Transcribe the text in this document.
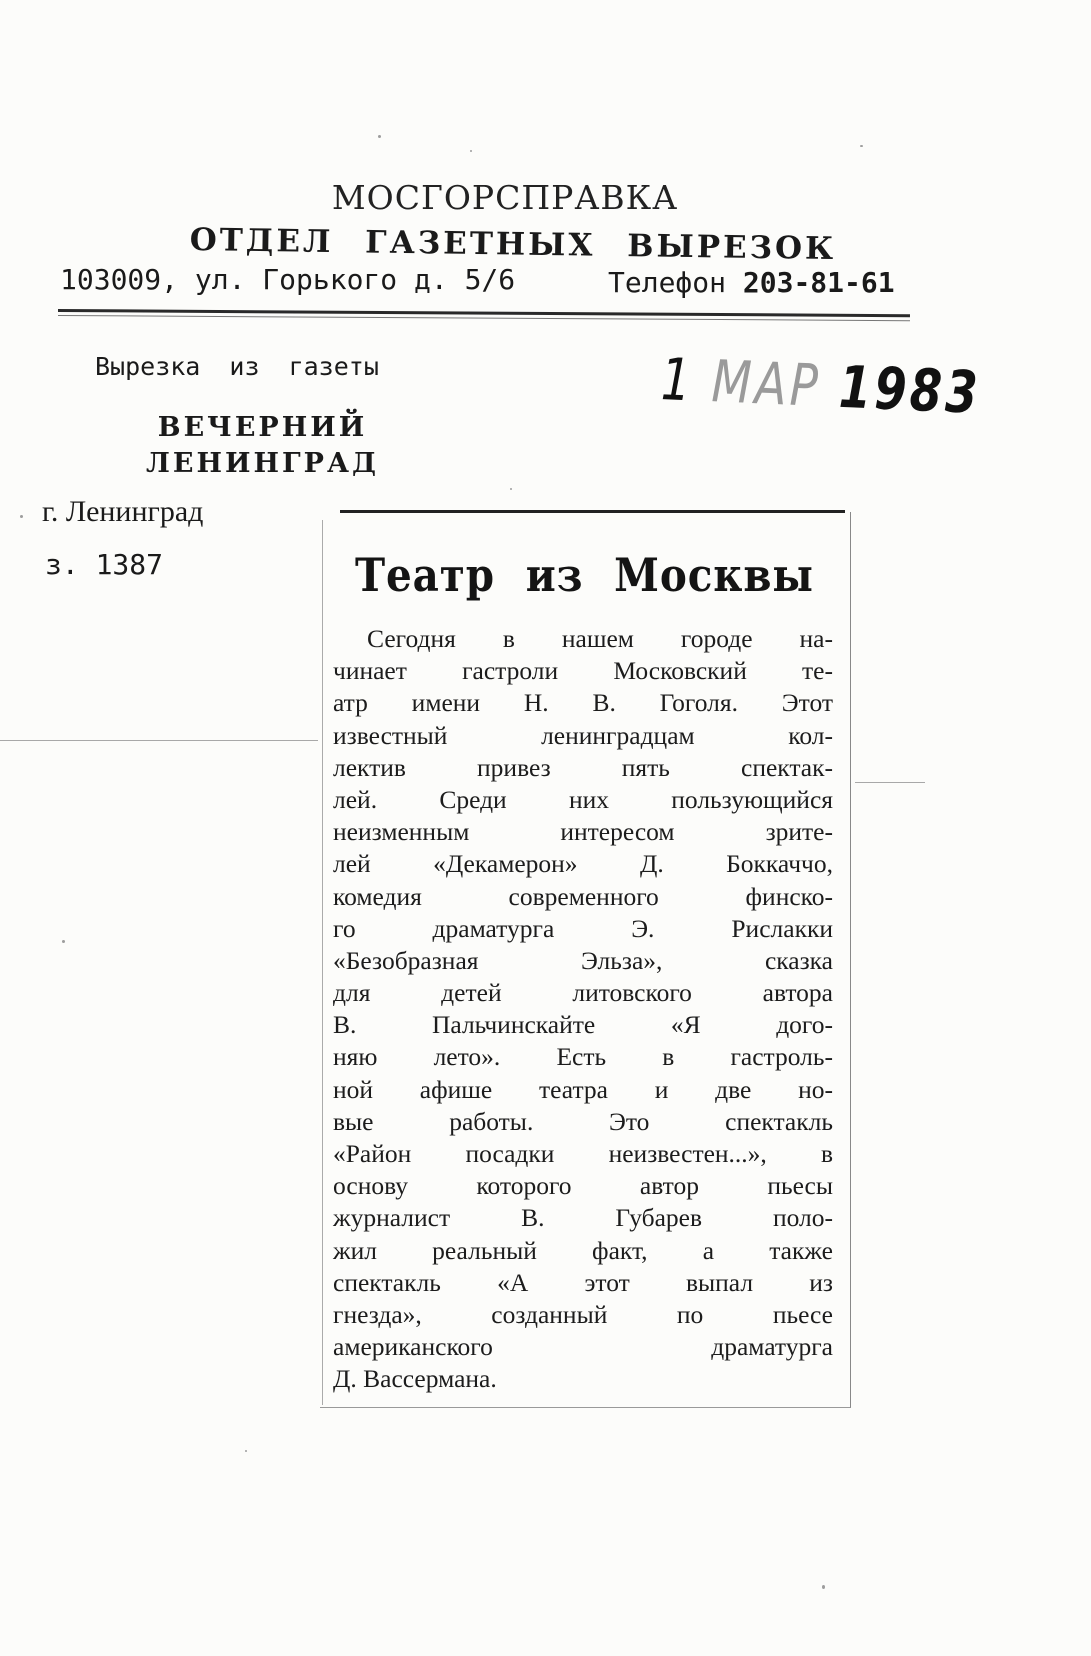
МОСГОРСПРАВКА
ОТДЕЛ ГАЗЕТНЫХ ВЫРЕЗОК
103009, ул. Горького д. 5/6	Телефон 203-81-61
Вырезка из газеты
ВЕЧЕРНИЙ
ЛЕНИНГРАД
г. Ленинград
з. 1387
1 МАР 1983
Театр из Москвы
Сегодня в нашем городе на-
чинает гастроли Московский те-
атр имени Н. В. Гоголя. Этот
известный ленинградцам кол-
лектив привез пять спектак-
лей. Среди них пользующийся
неизменным интересом зрите-
лей «Декамерон» Д. Боккаччо,
комедия современного финско-
го драматурга Э. Рислакки
«Безобразная Эльза», сказка
для детей литовского автора
В. Пальчинскайте «Я дого-
няю лето». Есть в гастроль-
ной афише театра и две но-
вые работы. Это спектакль
«Район посадки неизвестен...», в
основу которого автор пьесы
журналист В. Губарев поло-
жил реальный факт, а также
спектакль «А этот выпал из
гнезда», созданный по пьесе
американского драматурга
Д. Вассермана.
